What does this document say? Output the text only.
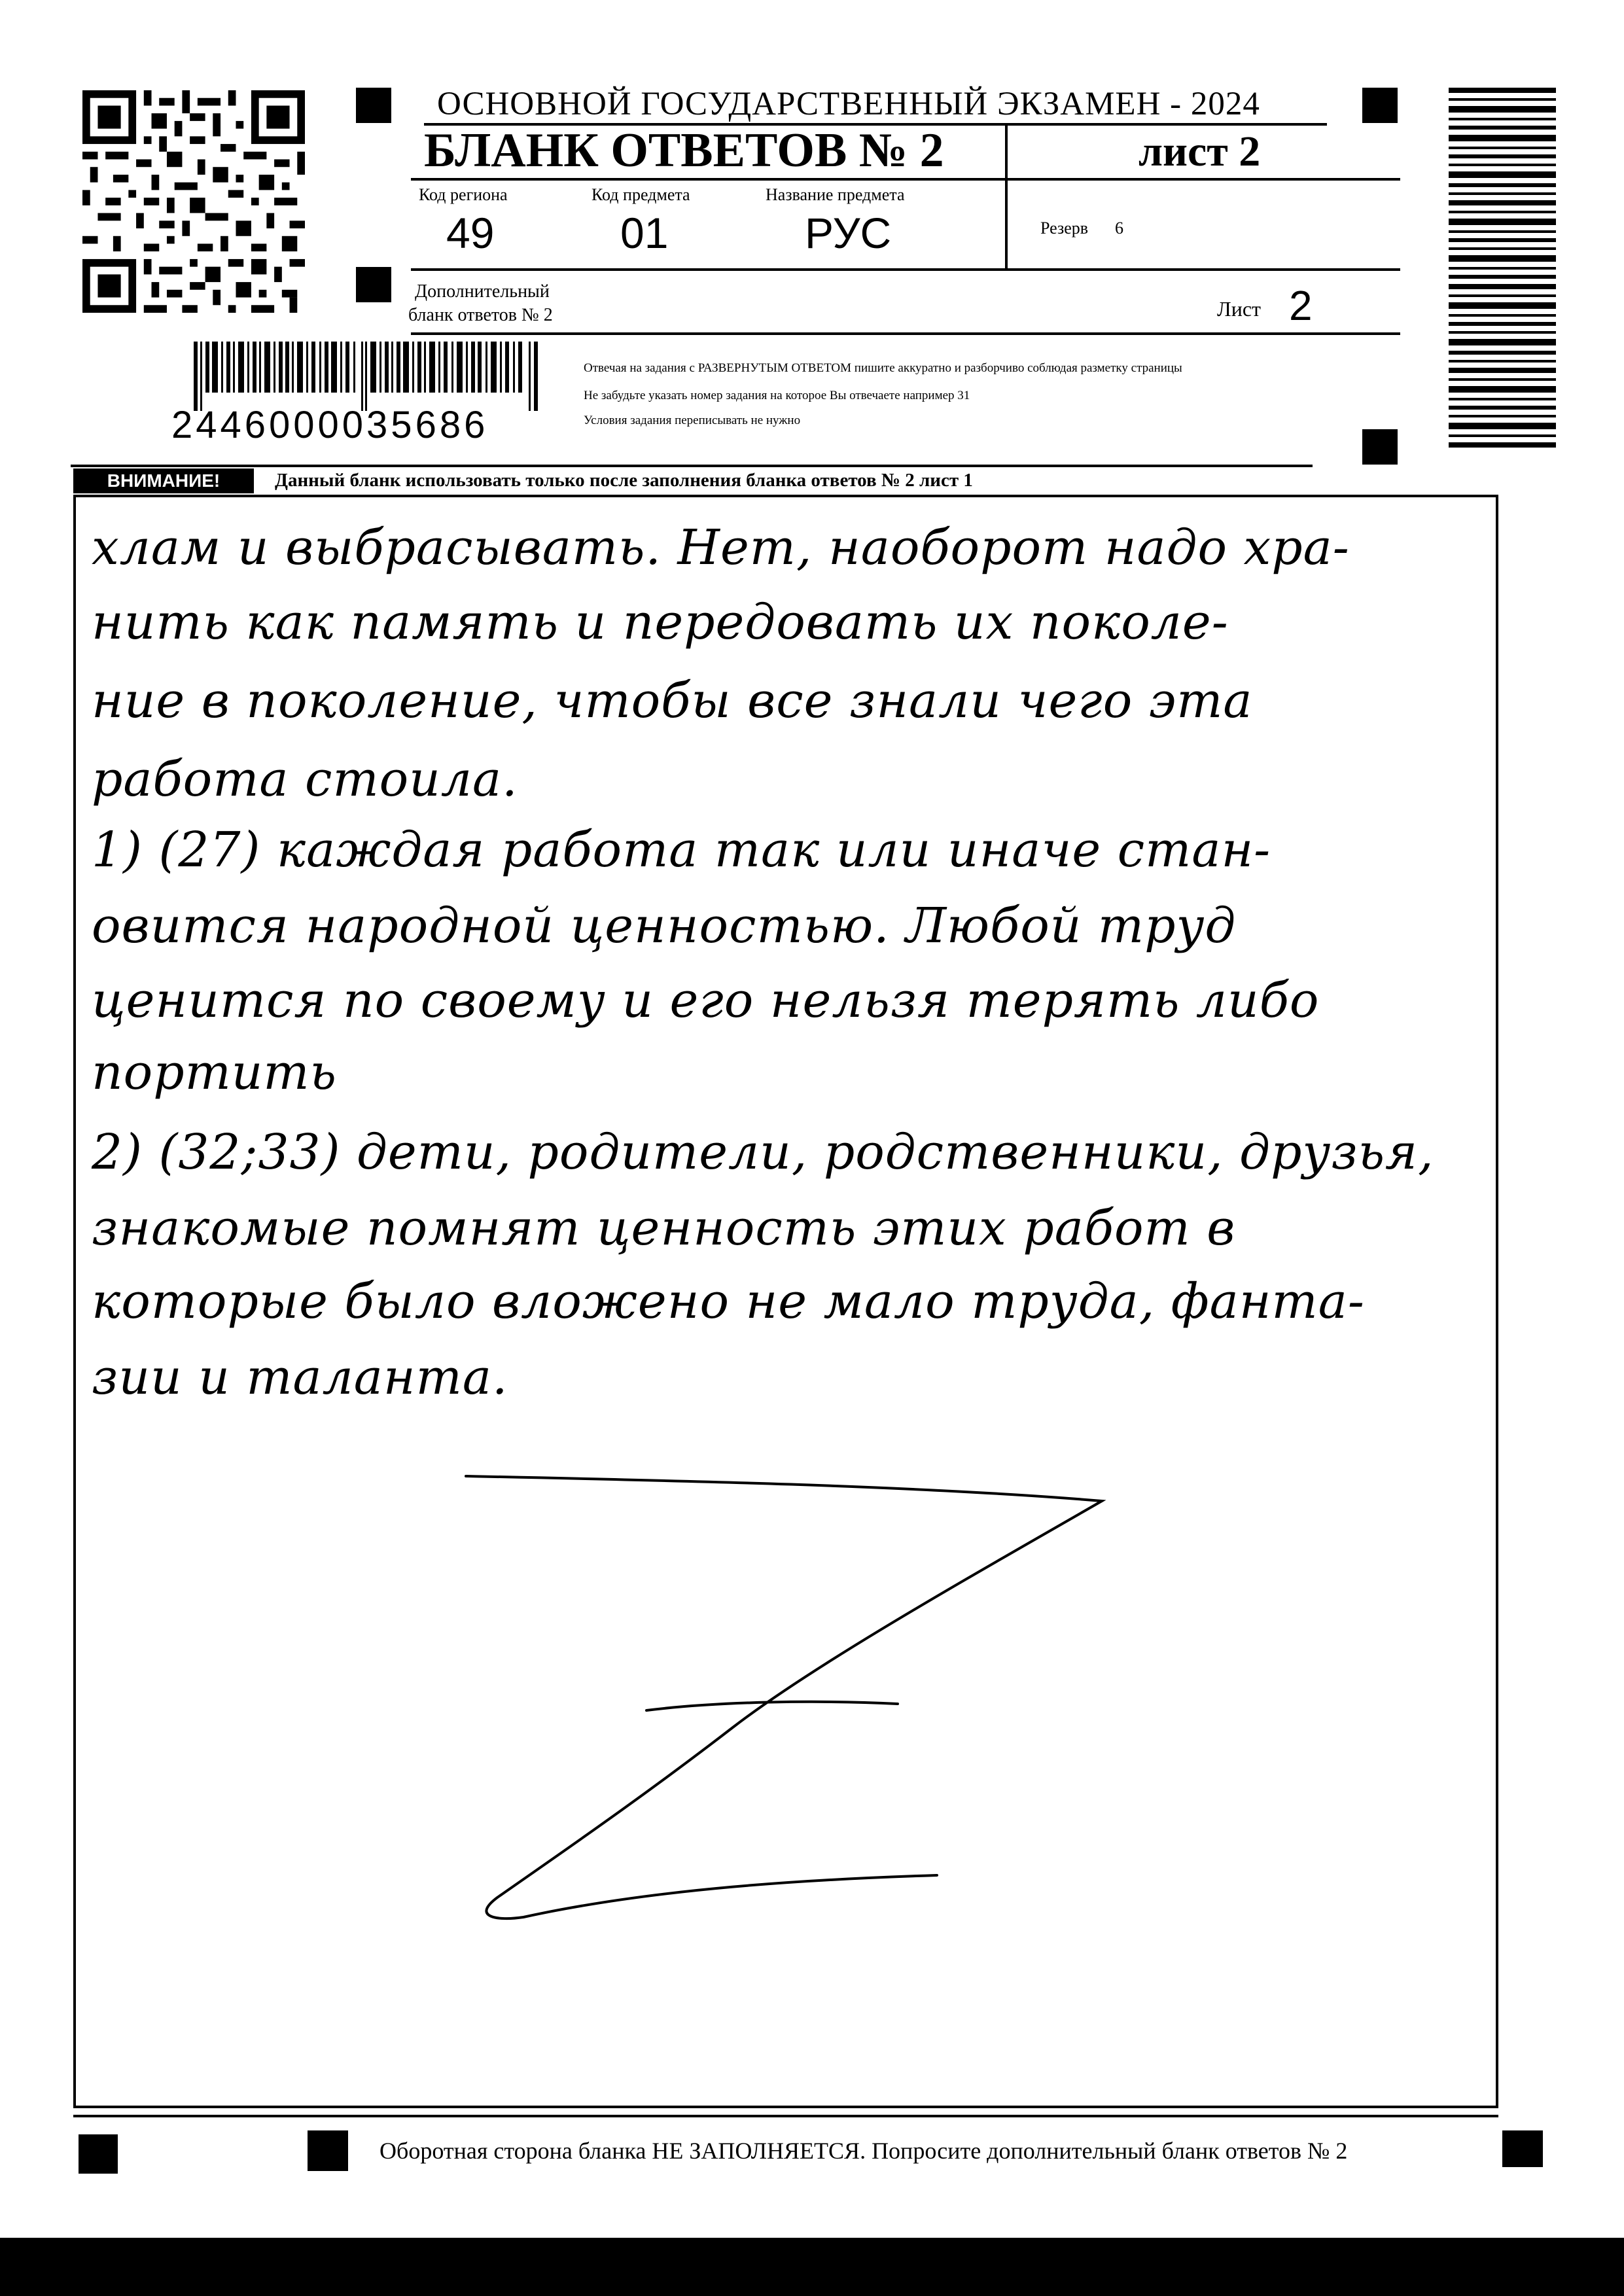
ОСНОВНОЙ ГОСУДАРСТВЕННЫЙ ЭКЗАМЕН - 2024
БЛАНК ОТВЕТОВ № 2	лист 2
Код региона
49
Код предмета
01
Название предмета
РУС	Резерв 6
Дополнительный
бланк ответов № 2	Лист 2
2446000035686
Отвечая на задания с РАЗВЕРНУТЫМ ОТВЕТОМ пишите аккуратно и разборчиво соблюдая разметку страницы
Не забудьте указать номер задания на которое Вы отвечаете например 31
Условия задания переписывать не нужно
ВНИМАНИЕ!	Данный бланк использовать только после заполнения бланка ответов № 2 лист 1
хлам и выбрасывать. Нет, наоборот надо хра-
нить как память и передовать их поколе-
ние в поколение, чтобы все знали чего эта
работа стоила.
1) (27) каждая работа так или иначе стан-
овится народной ценностью. Любой труд
ценится по своему и его нельзя терять либо
портить
2) (32;33) дети, родители, родственники, друзья,
знакомые помнят ценность этих работ в
которые было вложено не мало труда, фанта-
зии и таланта.
Оборотная сторона бланка НЕ ЗАПОЛНЯЕТСЯ. Попросите дополнительный бланк ответов № 2
